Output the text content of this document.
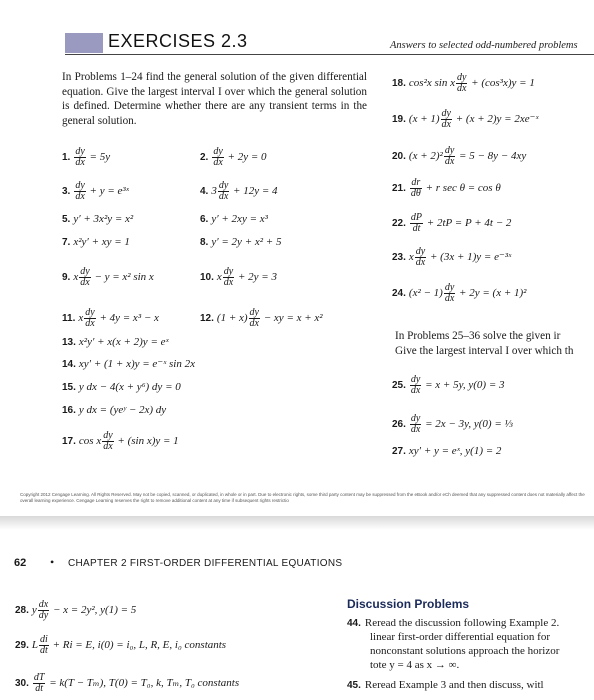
EXERCISES 2.3	Answers to selected odd-numbered problems
In Problems 1–24 find the general solution of the given differential equation. Give the largest interval I over which the general solution is defined. Determine whether there are any transient terms in the general solution.
1. $\frac{dy}{dx} = 5y$	2. $\frac{dy}{dx} + 2y = 0$
3. $\frac{dy}{dx} + y$ = e³ˣ	4. $3 \frac{dy}{dx} + 12y = 4$
5. y′ + 3x²y = x²	6. y′ + 2xy = x³
7. x²y′ + xy = 1	8. y′ = 2y + x² + 5
9. x $\frac{dy}{dx} - y = x^2$ sin x	10. x $\frac{dy}{dx} + 2y = 3$
11. x $\frac{dy}{dx} + 4y = x^3 - x$	12. $(1 + x) \frac{dy}{dx}$ − xy = x + x²
13. x²y′ + x(x + 2)y = eˣ
14. xy′ + (1 + x)y = e⁻ˣ sin 2x
15. y dx − 4(x + y⁶) dy = 0
16. y dx = (yeʸ − 2x) dy
17. cos x $\frac{dy}{dx} + (\sin$ x)y = 1
18. cos²x sin x $\frac{dy}{dx} + (\cos^3x)y = 1$
19. $(x + 1) \frac{dy}{dx} + (x + 2)y$ = 2xe⁻ˣ
20. $(x + 2)^2 \frac{dy}{dx} = 5 - 8y - 4xy$
21. $\frac{dr}{d\theta} + r$ sec θ = cos θ
22. $\frac{dP}{dt} + 2tP = P + 4t - 2$
23. x $\frac{dy}{dx} + (3x + 1)y$ = e⁻³ˣ
24. $(x^2 - 1) \frac{dy}{dx} + 2y = (x + 1)^2$
In Problems 25–36 solve the given ir
Give the largest interval I over which th
25. $\frac{dy}{dx} = x + 5y$, y(0) = 3
26. $\frac{dy}{dx} = 2x - 3y$, y(0) = ⅓
27. xy′ + y = eˣ, y(1) = 2
Copyright 2012 Cengage Learning. All Rights Reserved. May not be copied, scanned, or duplicated, in whole or in part. Due to electronic rights, some third party content may be suppressed from the eBook and/or eCh deemed that any suppressed content does not materially affect the overall learning experience. Cengage Learning reserves the right to remove additional content at any time if subsequent rights restrictio
62 • CHAPTER 2 FIRST-ORDER DIFFERENTIAL EQUATIONS
28. y $\frac{dx}{dy} - x = 2y^2$, y(1) = 5
29. L $\frac{di}{dt} + Ri = E$, i(0) = i₀, L, R, E, i₀ constants
30. $\frac{dT}{dt} = k(T - T_m)$, T(0) = T₀, k, Tₘ, T₀ constants
Discussion Problems
44. Reread the discussion following Example 2.
linear first-order differential equation for
nonconstant solutions approach the horizor
tote y = 4 as x → ∞.
45. Reread Example 3 and then discuss, witl
